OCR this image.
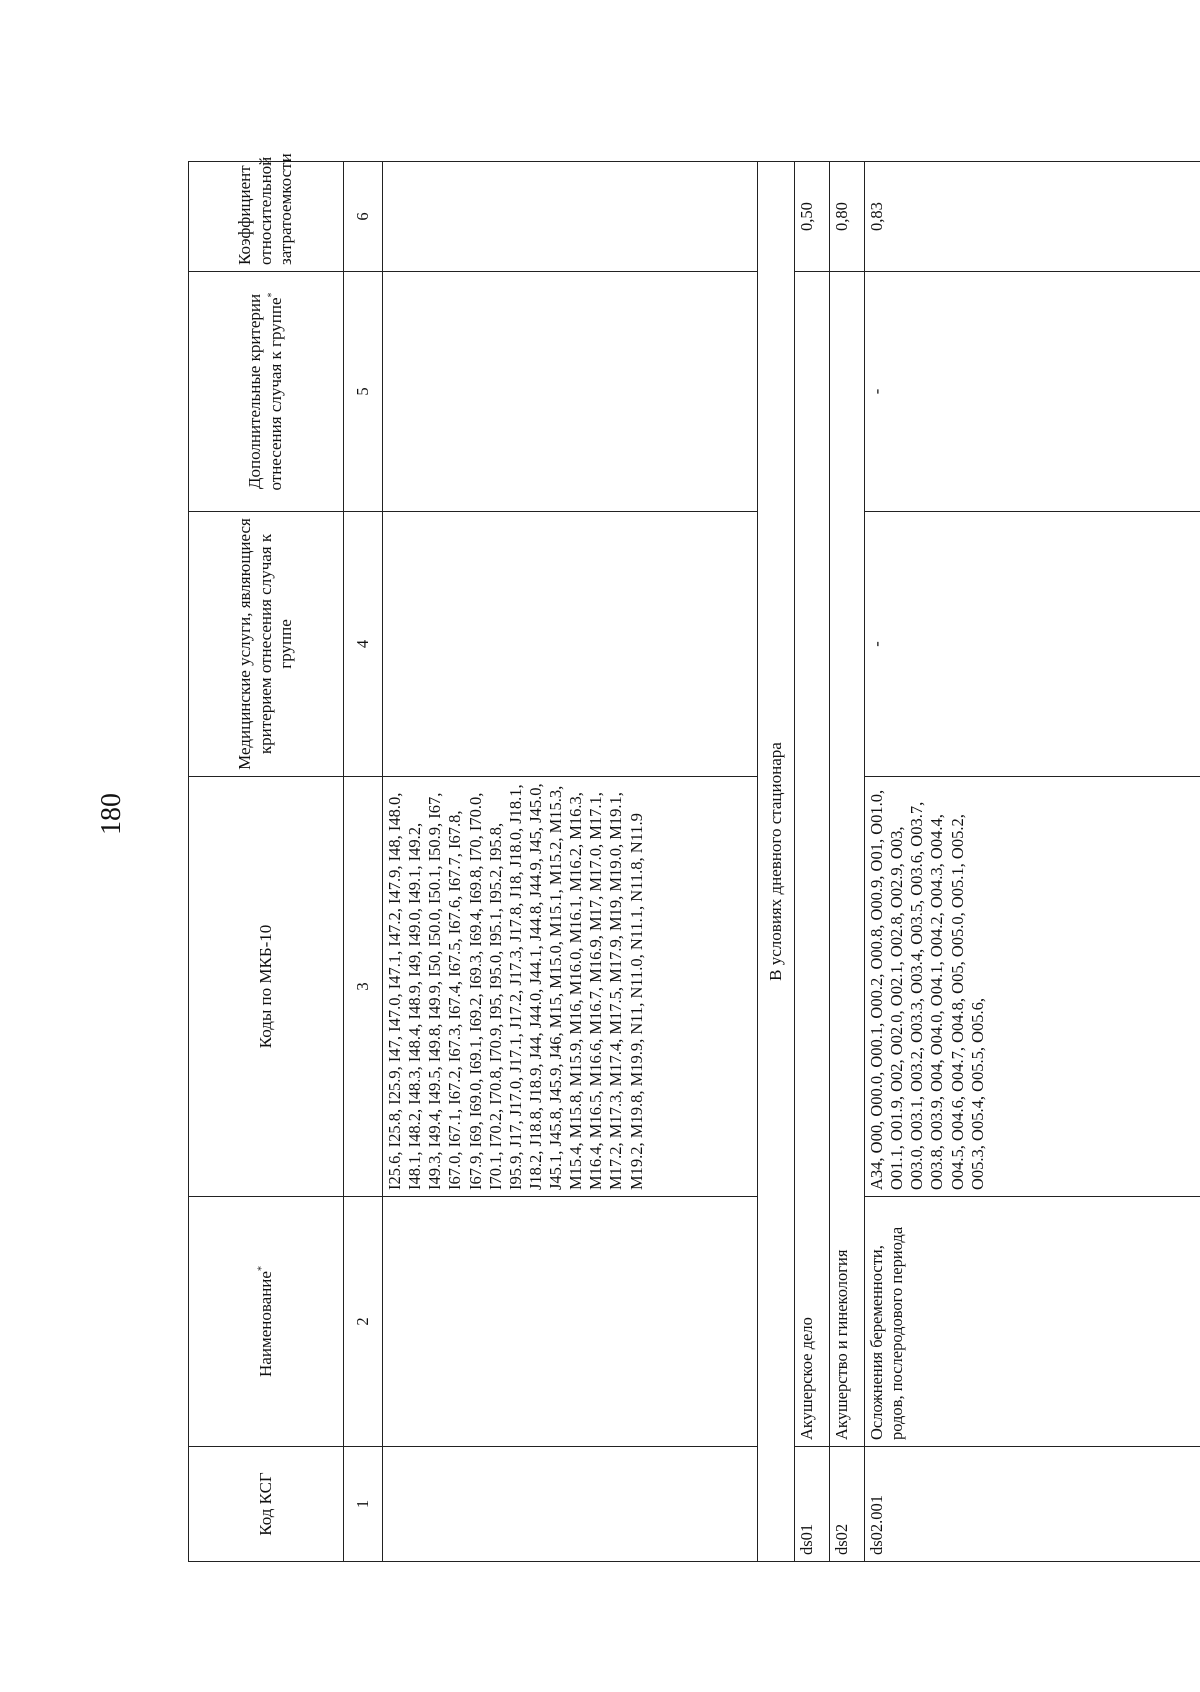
180
Код КСГ	Наименование*	Коды по МКБ-10	Медицинские услуги, являющиеся критерием отнесения случая к группе	Дополнительные критерии отнесения случая к группе*	Коэффициент относительной затратоемкости
1	2	3	4	5	6
		I25.6, I25.8, I25.9, I47, I47.0, I47.1, I47.2, I47.9, I48, I48.0, I48.1, I48.2, I48.3, I48.4, I48.9, I49, I49.0, I49.1, I49.2, I49.3, I49.4, I49.5, I49.8, I49.9, I50, I50.0, I50.1, I50.9, I67, I67.0, I67.1, I67.2, I67.3, I67.4, I67.5, I67.6, I67.7, I67.8, I67.9, I69, I69.0, I69.1, I69.2, I69.3, I69.4, I69.8, I70, I70.0, I70.1, I70.2, I70.8, I70.9, I95, I95.0, I95.1, I95.2, I95.8, I95.9, J17, J17.0, J17.1, J17.2, J17.3, J17.8, J18, J18.0, J18.1, J18.2, J18.8, J18.9, J44, J44.0, J44.1, J44.8, J44.9, J45, J45.0, J45.1, J45.8, J45.9, J46, M15, M15.0, M15.1, M15.2, M15.3, M15.4, M15.8, M15.9, M16, M16.0, M16.1, M16.2, M16.3, M16.4, M16.5, M16.6, M16.7, M16.9, M17, M17.0, M17.1, M17.2, M17.3, M17.4, M17.5, M17.9, M19, M19.0, M19.1, M19.2, M19.8, M19.9, N11, N11.0, N11.1, N11.8, N11.9			
В условиях дневного стационара					
ds01	Акушерское дело				0,50
ds02	Акушерство и гинекология				0,80
ds02.001	Осложнения беременности, родов, послеродового периода	A34, O00, O00.0, O00.1, O00.2, O00.8, O00.9, O01, O01.0, O01.1, O01.9, O02, O02.0, O02.1, O02.8, O02.9, O03, O03.0, O03.1, O03.2, O03.3, O03.4, O03.5, O03.6, O03.7, O03.8, O03.9, O04, O04.0, O04.1, O04.2, O04.3, O04.4, O04.5, O04.6, O04.7, O04.8, O05, O05.0, O05.1, O05.2, O05.3, O05.4, O05.5, O05.6,	-	-	0,83
